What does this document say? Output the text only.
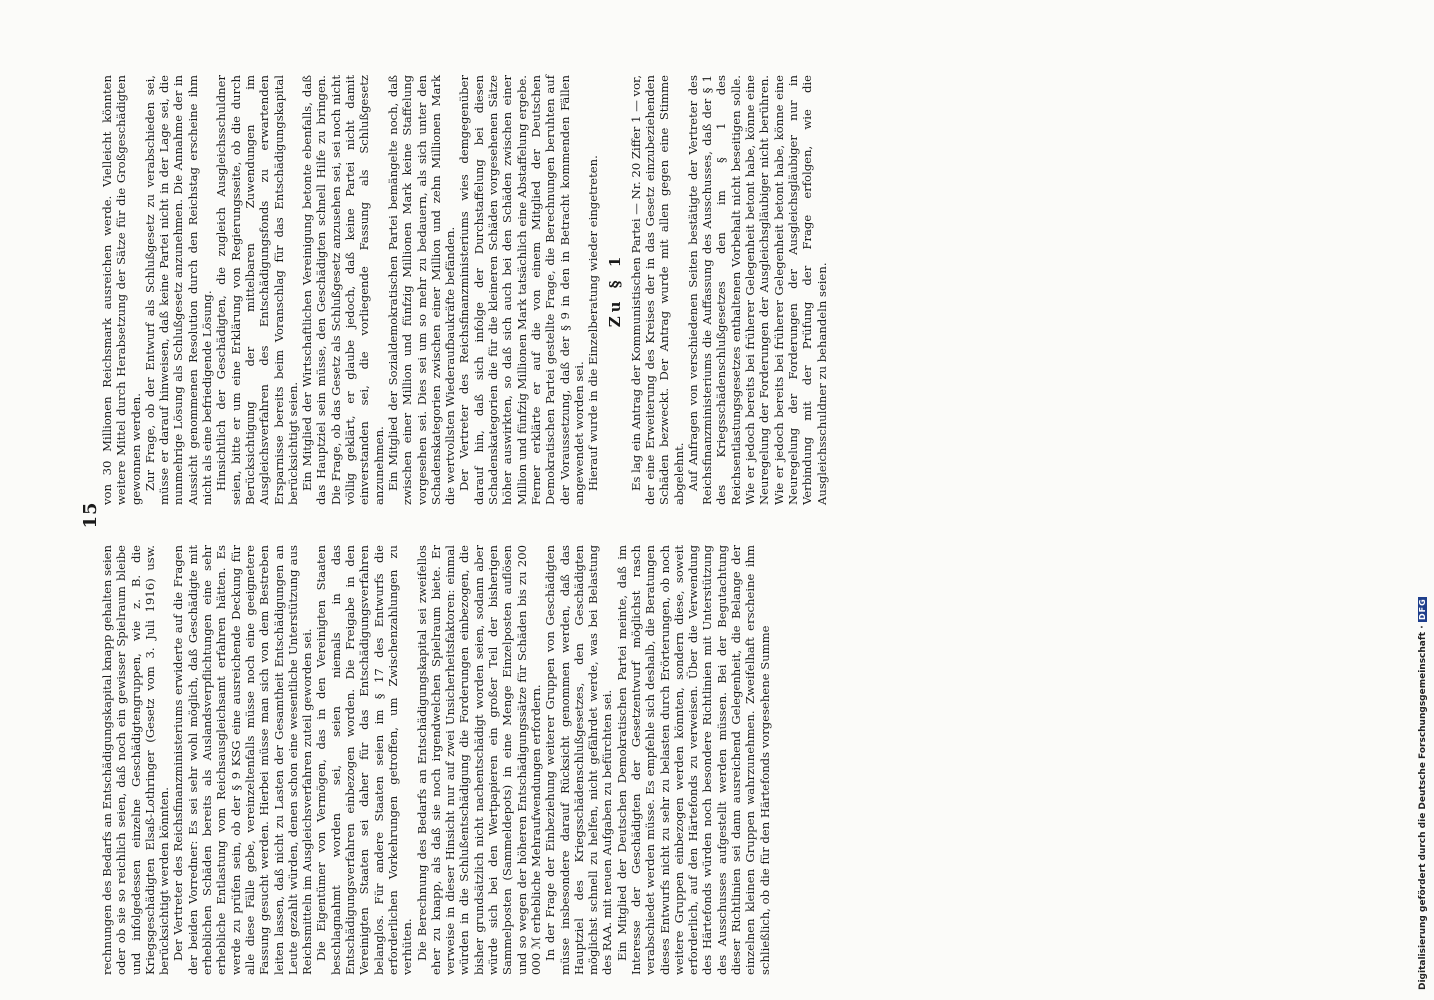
15

rechnungen des Bedarfs an Entschädigungskapital knapp gehalten seien oder ob sie so reichlich seien, daß noch ein gewisser Spielraum bleibe und infolgedessen einzelne Geschädigtengruppen, wie z. B. die Kriegsgeschädigten Elsaß-Lothringer (Gesetz vom 3. Juli 1916) usw. berücksichtigt werden könnten. Der Vertreter des Reichsfinanzministeriums erwiderte auf die Fragen der beiden Vorredner: Es sei sehr wohl möglich, daß Geschädigte mit erheblichen Schäden bereits als Auslandsverpflichtungen eine sehr erhebliche Entlastung vom Reichsausgleichsamt erfahren hätten. Es werde zu prüfen sein, ob der § 9 KSG eine ausreichende Deckung für alle diese Fälle gebe, vereinzeltenfalls müsse noch eine geeignetere Fassung gesucht werden. Hierbei müsse man sich von dem Bestreben leiten lassen, daß nicht zu Lasten der Gesamtheit Entschädigungen an Leute gezahlt würden, denen schon eine wesentliche Unterstützung aus Reichsmitteln im Ausgleichsverfahren zuteil geworden sei. Die Eigentümer von Vermögen, das in den Vereinigten Staaten beschlagnahmt worden sei, seien niemals in das Entschädigungsverfahren einbezogen worden. Die Freigabe in den Vereinigten Staaten sei daher für das Entschädigungsverfahren belanglos. Für andere Staaten seien im § 17 des Entwurfs die erforderlichen Vorkehrungen getroffen, um Zwischenzahlungen zu verhüten. Die Berechnung des Bedarfs an Entschädigungskapital sei zweifellos eher zu knapp, als daß sie noch irgendwelchen Spielraum biete. Er verweise in dieser Hinsicht nur auf zwei Unsicherheitsfaktoren: einmal würden in die Schlußentschädigung die Forderungen einbezogen, die bisher grundsätzlich nicht nachentschädigt worden seien, sodann aber würde sich bei den Wertpapieren ein großer Teil der bisherigen Sammelposten (Sammeldepots) in eine Menge Einzelposten auflösen und so wegen der höheren Entschädigungssätze für Schäden bis zu 200 000 ℳ erhebliche Mehraufwendungen erfordern. In der Frage der Einbeziehung weiterer Gruppen von Geschädigten müsse insbesondere darauf Rücksicht genommen werden, daß das Hauptziel des Kriegsschädenschlußgesetzes, den Geschädigten möglichst schnell zu helfen, nicht gefährdet werde, was bei Belastung des RAA. mit neuen Aufgaben zu befürchten sei. Ein Mitglied der Deutschen Demokratischen Partei meinte, daß im Interesse der Geschädigten der Gesetzentwurf möglichst rasch verabschiedet werden müsse. Es empfehle sich deshalb, die Beratungen dieses Entwurfs nicht zu sehr zu belasten durch Erörterungen, ob noch weitere Gruppen einbezogen werden könnten, sondern diese, soweit erforderlich, auf den Härtefonds zu verweisen. Über die Verwendung des Härtefonds würden noch besondere Richtlinien mit Unterstützung des Ausschusses aufgestellt werden müssen. Bei der Begutachtung dieser Richtlinien sei dann ausreichend Gelegenheit, die Belange der einzelnen kleinen Gruppen wahrzunehmen. Zweifelhaft erscheine ihm schließlich, ob die für den Härtefonds vorgesehene Summe

von 30 Millionen Reichsmark ausreichen werde. Vielleicht könnten weitere Mittel durch Herabsetzung der Sätze für die Großgeschädigten gewonnen werden. Zur Frage, ob der Entwurf als Schlußgesetz zu verabschieden sei, müsse er darauf hinweisen, daß keine Partei nicht in der Lage sei, die nunmehrige Lösung als Schlußgesetz anzunehmen. Die Annahme der in Aussicht genommenen Resolution durch den Reichstag erscheine ihm nicht als eine befriedigende Lösung. Hinsichtlich der Geschädigten, die zugleich Ausgleichsschuldner seien, bitte er um eine Erklärung von Regierungsseite, ob die durch Berücksichtigung der mittelbaren Zuwendungen im Ausgleichsverfahren des Entschädigungsfonds zu erwartenden Ersparnisse bereits beim Voranschlag für das Entschädigungskapital berücksichtigt seien. Ein Mitglied der Wirtschaftlichen Vereinigung betonte ebenfalls, daß das Hauptziel sein müsse, den Geschädigten schnell Hilfe zu bringen. Die Frage, ob das Gesetz als Schlußgesetz anzusehen sei, sei noch nicht völlig geklärt, er glaube jedoch, daß keine Partei nicht damit einverstanden sei, die vorliegende Fassung als Schlußgesetz anzunehmen. Ein Mitglied der Sozialdemokratischen Partei bemängelte noch, daß zwischen einer Million und fünfzig Millionen Mark keine Staffelung vorgesehen sei. Dies sei um so mehr zu bedauern, als sich unter den Schadenskategorien zwischen einer Million und zehn Millionen Mark die wertvollsten Wiederaufbaukräfte befänden. Der Vertreter des Reichsfinanzministeriums wies demgegenüber darauf hin, daß sich infolge der Durchstaffelung bei diesen Schadenskategorien die für die kleineren Schäden vorgesehenen Sätze höher auswirkten, so daß sich auch bei den Schäden zwischen einer Million und fünfzig Millionen Mark tatsächlich eine Abstaffelung ergebe. Ferner erklärte er auf die von einem Mitglied der Deutschen Demokratischen Partei gestellte Frage, die Berechnungen beruhten auf der Voraussetzung, daß der § 9 in den in Betracht kommenden Fällen angewendet worden sei. Hierauf wurde in die Einzelberatung wieder eingetreten. Zu § 1 Es lag ein Antrag der Kommunistischen Partei — Nr. 20 Ziffer 1 — vor, der eine Erweiterung des Kreises der in das Gesetz einzubeziehenden Schäden bezweckt. Der Antrag wurde mit allen gegen eine Stimme abgelehnt. Auf Anfragen von verschiedenen Seiten bestätigte der Vertreter des Reichsfinanzministeriums die Auffassung des Ausschusses, daß der § 1 des Kriegsschädenschlußgesetzes den im § 1 des Reichsentlastungsgesetzes enthaltenen Vorbehalt nicht beseitigen solle. Wie er jedoch bereits bei früherer Gelegenheit betont habe, könne eine Neuregelung der Forderungen der Ausgleichsgläubiger nicht berühren. Wie er jedoch bereits bei früherer Gelegenheit betont habe, könne eine Neuregelung der Forderungen der Ausgleichsgläubiger nur in Verbindung mit der Prüfung der Frage erfolgen, wie die Ausgleichsschuldner zu behandeln seien.

Digitalisierung gefördert durch die Deutsche Forschungsgemeinschaft · DFG
